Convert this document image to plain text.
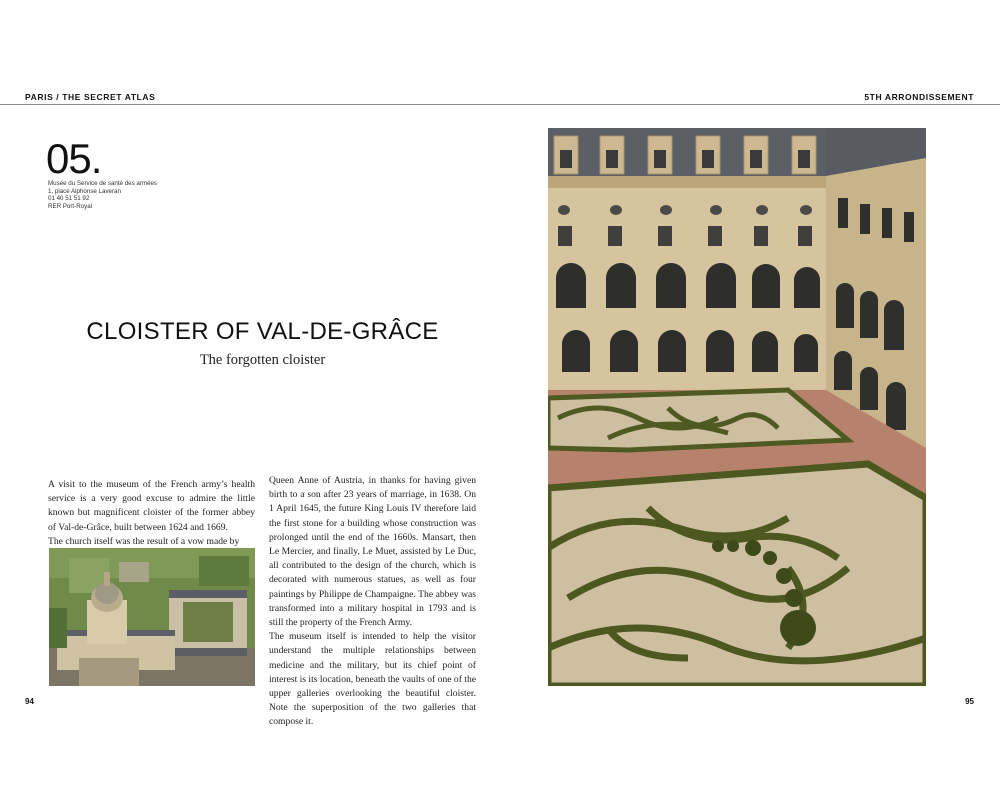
PARIS / THE SECRET ATLAS	5TH ARRONDISSEMENT
05.
Musée du Service de santé des armées
1, place Alphonse Laveran
01 40 51 51 92
RER Port-Royal
CLOISTER OF VAL-DE-GRÂCE
The forgotten cloister

A visit to the museum of the French army’s health service is a very good excuse to admire the little known but magnificent cloister of the former abbey of Val-de-Grâce, built between 1624 and 1669.

The church itself was the result of a vow made by

Queen Anne of Austria, in thanks for having given birth to a son after 23 years of marriage, in 1638. On 1 April 1645, the future King Louis IV therefore laid the first stone for a building whose construction was prolonged until the end of the 1660s. Mansart, then Le Mercier, and finally, Le Muet, assisted by Le Duc, all contributed to the design of the church, which is decorated with numerous statues, as well as four paintings by Philippe de Champaigne. The abbey was transformed into a military hospital in 1793 and is still the property of the French Army.

The museum itself is intended to help the visitor understand the multiple relationships between medicine and the military, but its chief point of interest is its location, beneath the vaults of one of the upper galleries overlooking the beautiful cloister. Note the superposition of the two galleries that compose it.

94	95
